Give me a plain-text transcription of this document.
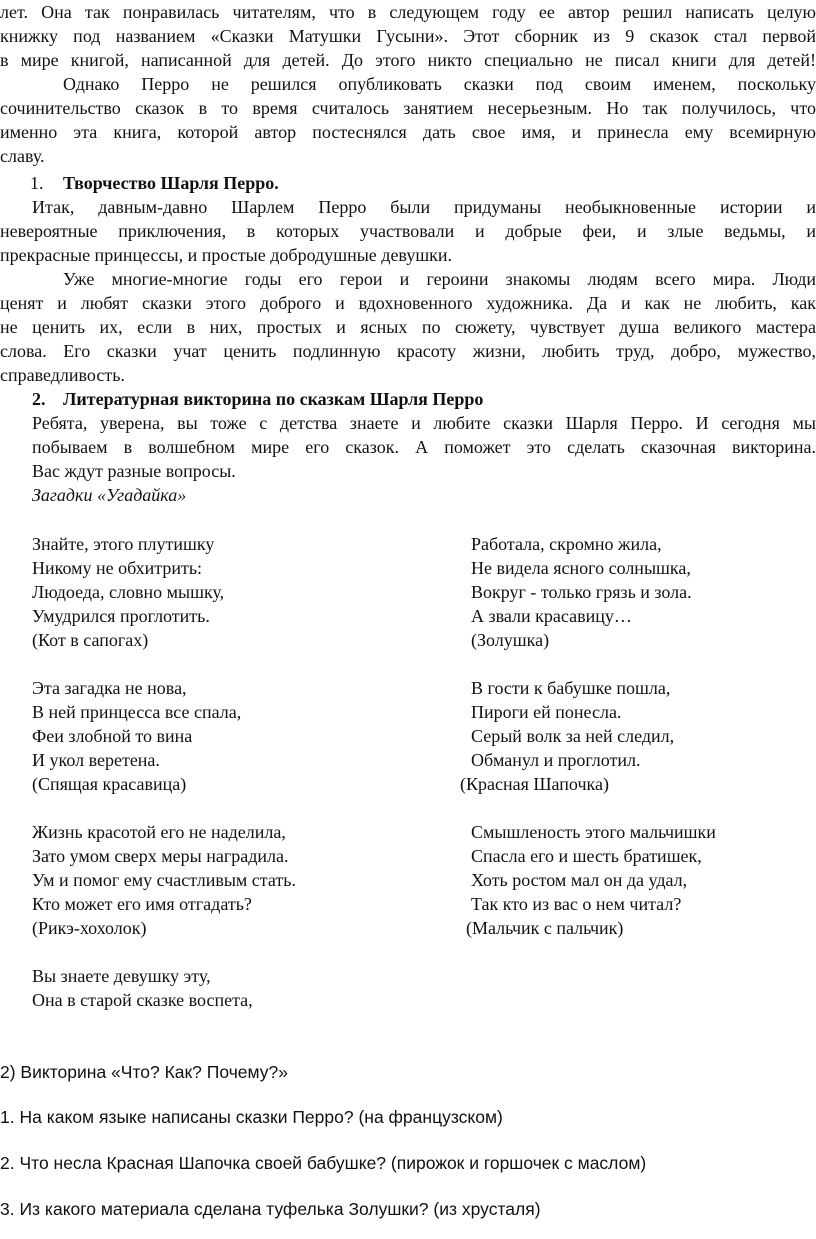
лет. Она так понравилась читателям, что в следующем году ее автор решил написать целую
книжку под названием «Сказки Матушки Гусыни». Этот сборник из 9 сказок стал первой
в мире книгой, написанной для детей. До этого никто специально не писал книги для детей!
Однако Перро не решился опубликовать сказки под своим именем, поскольку
сочинительство сказок в то время считалось занятием несерьезным. Но так получилось, что
именно эта книга, которой автор постеснялся дать свое имя, и принесла ему всемирную
славу.
1. Творчество Шарля Перро.
Итак, давным-давно Шарлем Перро были придуманы необыкновенные истории и
невероятные приключения, в которых участвовали и добрые феи, и злые ведьмы, и
прекрасные принцессы, и простые добродушные девушки.
Уже многие-многие годы его герои и героини знакомы людям всего мира. Люди
ценят и любят сказки этого доброго и вдохновенного художника. Да и как не любить, как
не ценить их, если в них, простых и ясных по сюжету, чувствует душа великого мастера
слова. Его сказки учат ценить подлинную красоту жизни, любить труд, добро, мужество,
справедливость.
2. Литературная викторина по сказкам Шарля Перро
Ребята, уверена, вы тоже с детства знаете и любите сказки Шарля Перро. И сегодня мы
побываем в волшебном мире его сказок. А поможет это сделать сказочная викторина.
Вас ждут разные вопросы.
Загадки «Угадайка»
Знайте, этого плутишку
Никому не обхитрить:
Людоеда, словно мышку,
Умудрился проглотить.
(Кот в сапогах)
Работала, скромно жила,
Не видела ясного солнышка,
Вокруг - только грязь и зола.
А звали красавицу…
(Золушка)
Эта загадка не нова,
В ней принцесса все спала,
Феи злобной то вина
И укол веретена.
(Спящая красавица)
В гости к бабушке пошла,
Пироги ей понесла.
Серый волк за ней следил,
Обманул и проглотил.
(Красная Шапочка)
Жизнь красотой его не наделила,
Зато умом сверх меры наградила.
Ум и помог ему счастливым стать.
Кто может его имя отгадать?
(Рикэ-хохолок)
Смышленость этого мальчишки
Спасла его и шесть братишек,
Хоть ростом мал он да удал,
Так кто из вас о нем читал?
(Мальчик с пальчик)
Вы знаете девушку эту,
Она в старой сказке воспета,
2) Викторина «Что? Как? Почему?»
1. На каком языке написаны сказки Перро? (на французском)
2. Что несла Красная Шапочка своей бабушке? (пирожок и горшочек с маслом)
3. Из какого материала сделана туфелька Золушки? (из хрусталя)
